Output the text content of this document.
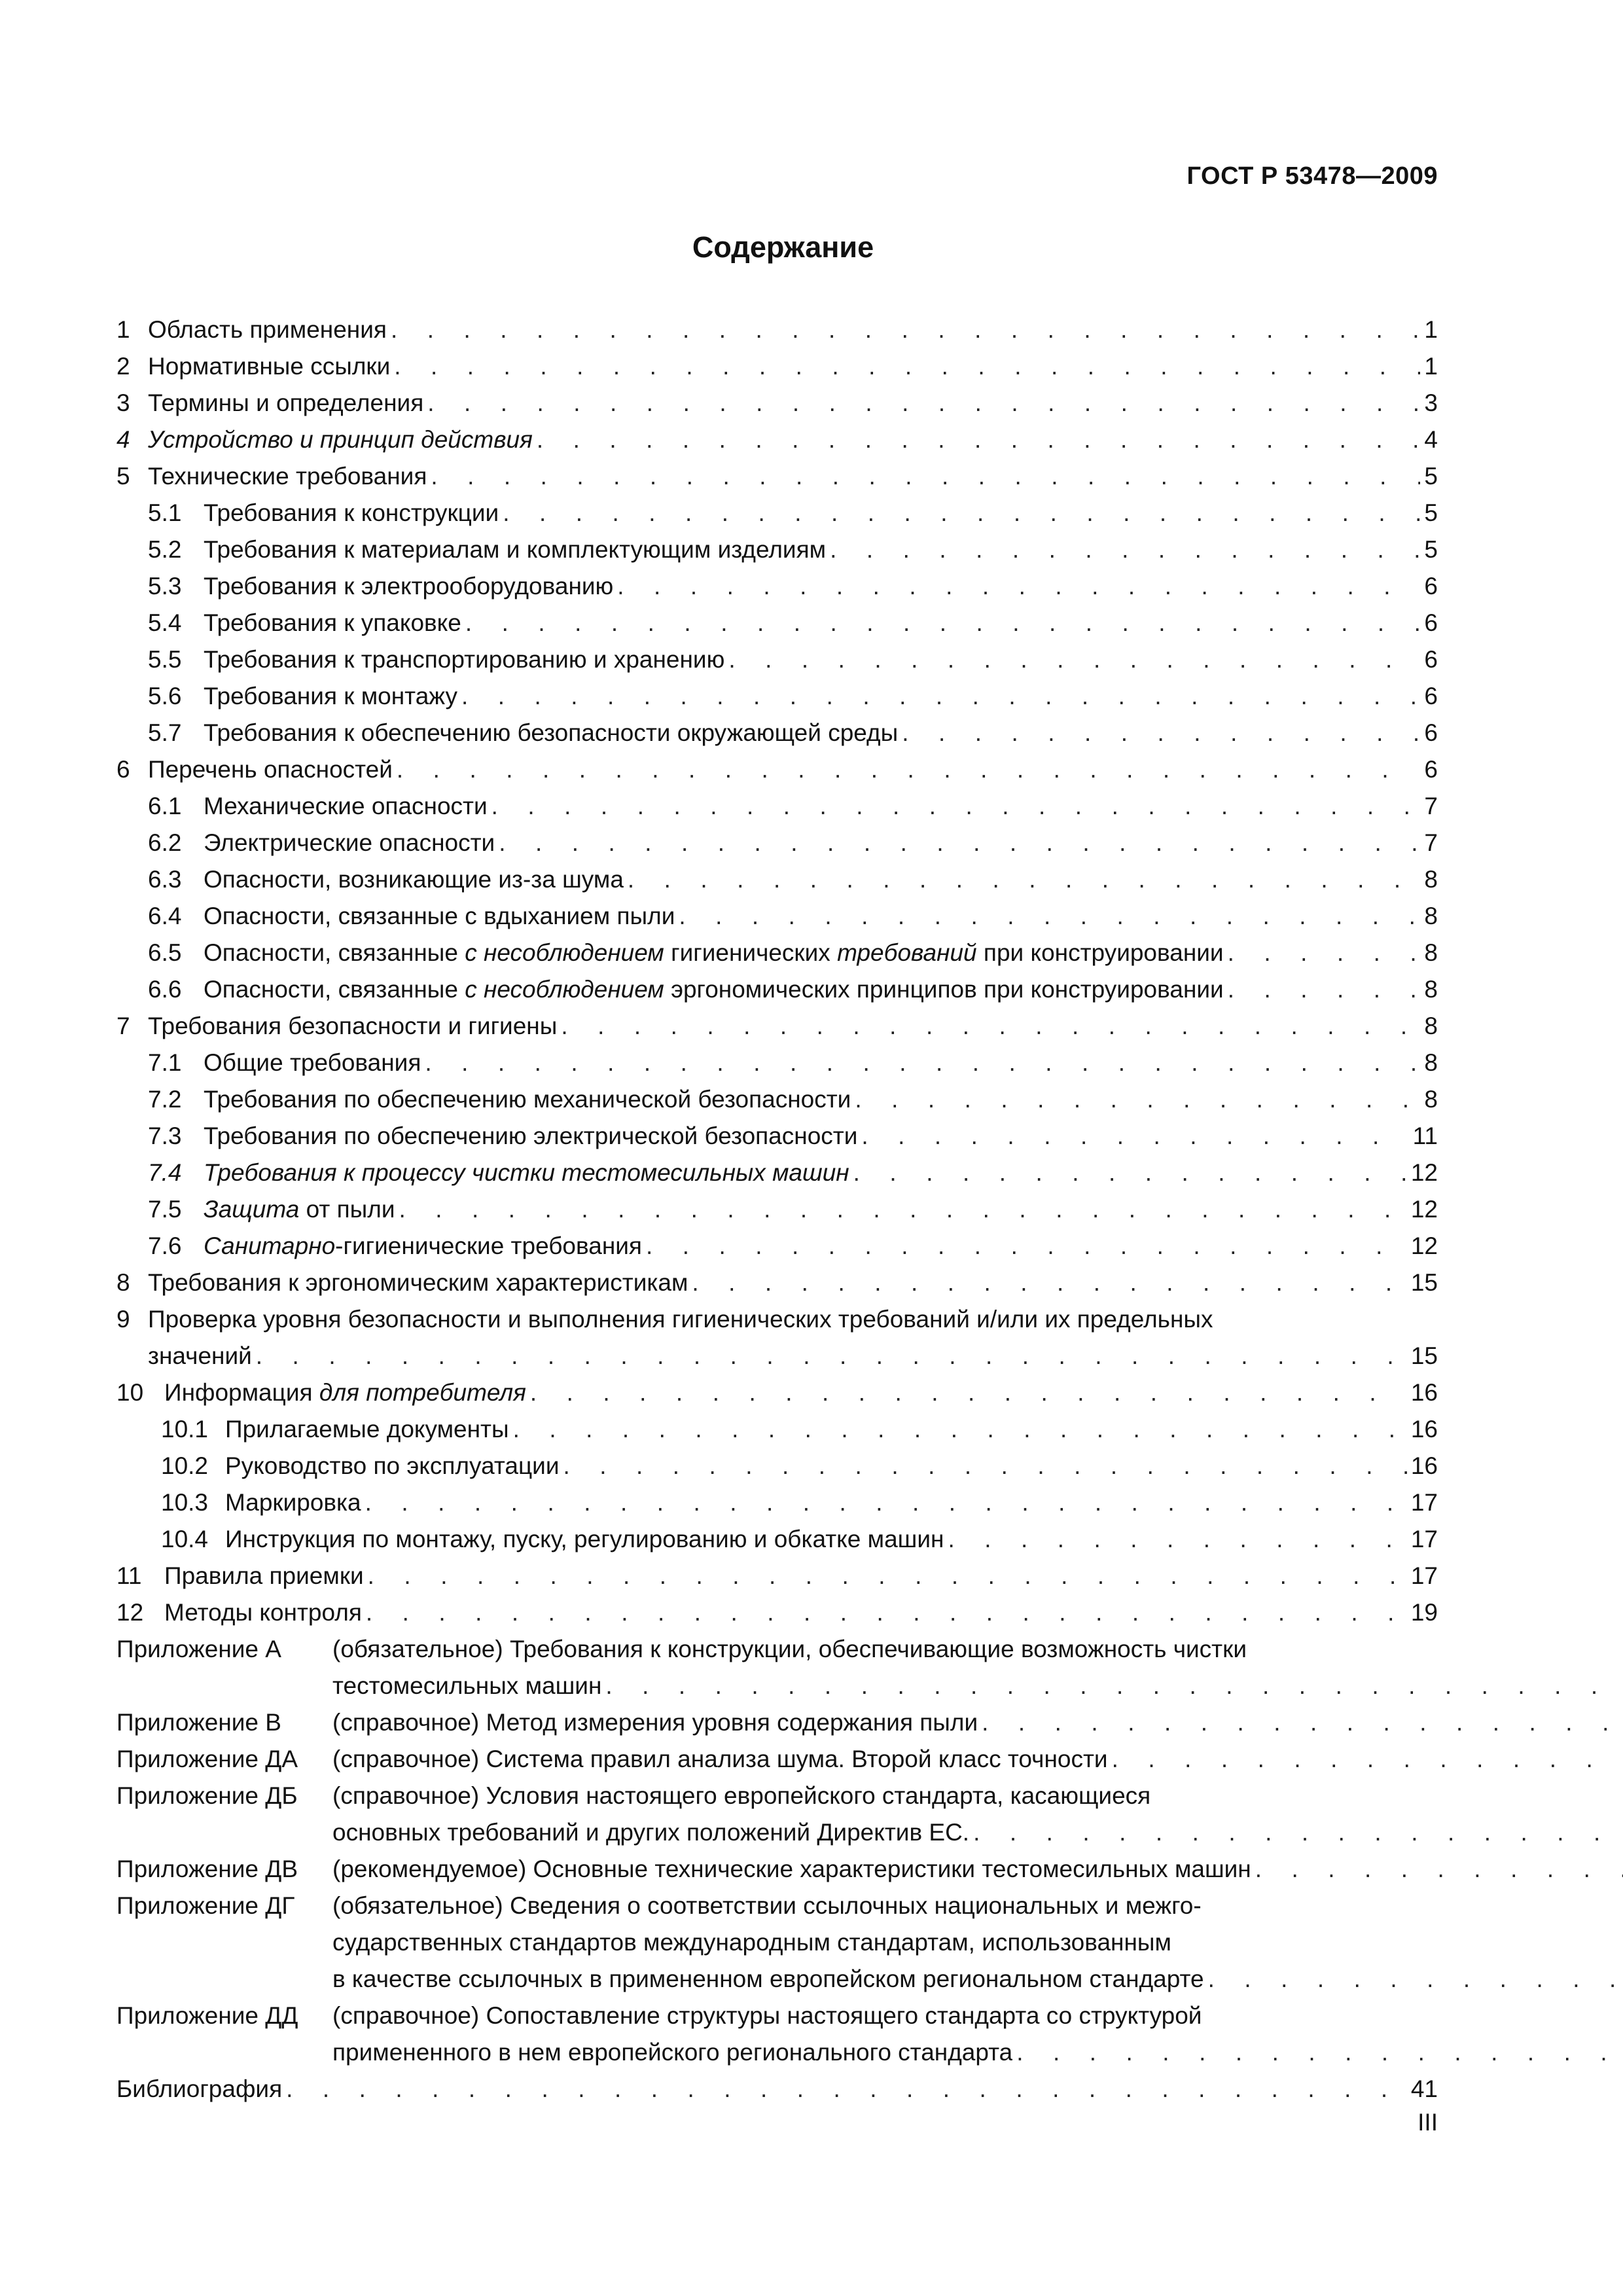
ГОСТ Р 53478—2009
Содержание
1 Область применения . . .	1
2 Нормативные ссылки . . .	1
3 Термины и определения . . .	3
4 Устройство и принцип действия . . .	4
5 Технические требования . . .	5
5.1 Требования к конструкции . . .	5
5.2 Требования к материалам и комплектующим изделиям . . .	5
5.3 Требования к электрооборудованию . . .	6
5.4 Требования к упаковке . . .	6
5.5 Требования к транспортированию и хранению . . .	6
5.6 Требования к монтажу . . .	6
5.7 Требования к обеспечению безопасности окружающей среды . . .	6
6 Перечень опасностей . . .	6
6.1 Механические опасности . . .	7
6.2 Электрические опасности . . .	7
6.3 Опасности, возникающие из-за шума . . .	8
6.4 Опасности, связанные с вдыханием пыли . . .	8
6.5 Опасности, связанные с несоблюдением гигиенических требований при конструировании . . .	8
6.6 Опасности, связанные с несоблюдением эргономических принципов при конструировании . . .	8
7 Требования безопасности и гигиены . . .	8
7.1 Общие требования . . .	8
7.2 Требования по обеспечению механической безопасности . . .	8
7.3 Требования по обеспечению электрической безопасности . . .	11
7.4 Требования к процессу чистки тестомесильных машин . . .	12
7.5 Защита от пыли . . .	12
7.6 Санитарно-гигиенические требования . . .	12
8 Требования к эргономическим характеристикам . . .	15
9 Проверка уровня безопасности и выполнения гигиенических требований и/или их предельных
значений . . .	15
10 Информация для потребителя . . .	16
10.1 Прилагаемые документы . . .	16
10.2 Руководство по эксплуатации . . .	16
10.3 Маркировка . . .	17
10.4 Инструкция по монтажу, пуску, регулированию и обкатке машин . . .	17
11 Правила приемки . . .	17
12 Методы контроля . . .	19
Приложение А	(обязательное) Требования к конструкции, обеспечивающие возможность чистки
тестомесильных машин
. . .
Приложение В	(справочное) Метод измерения уровня содержания пыли
. . .
Приложение ДА	(справочное) Система правил анализа шума. Второй класс точности
. . .
Приложение ДБ	(справочное) Условия настоящего европейского стандарта, касающиеся
основных требований и других положений Директив ЕС.
. . .
Приложение ДВ	(рекомендуемое) Основные технические характеристики тестомесильных машин
. . .
Приложение ДГ	(обязательное) Сведения о соответствии ссылочных национальных и межго-
сударственных стандартов международным стандартам, использованным
в качестве ссылочных в примененном европейском региональном стандарте
. . .
Приложение ДД	(справочное) Сопоставление структуры настоящего стандарта со структурой
примененного в нем европейского регионального стандарта
. . .
Библиография . . .	41
III
